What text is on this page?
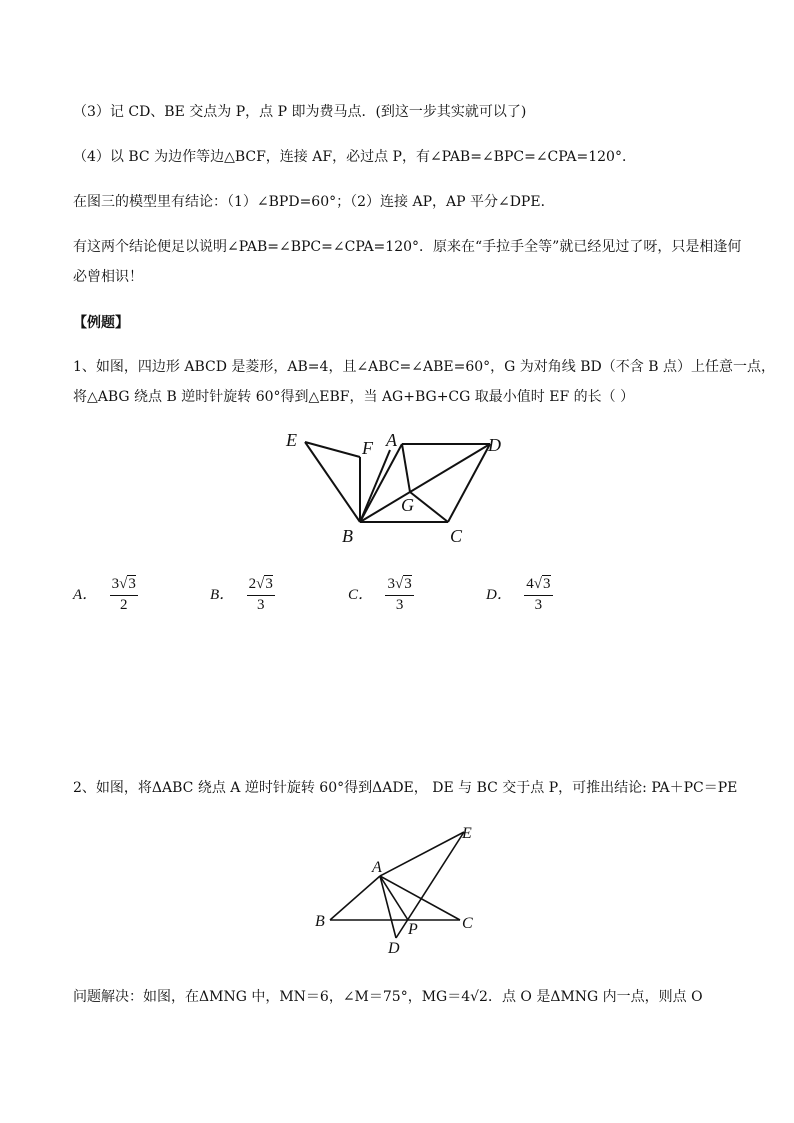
（3）记 CD、BE 交点为 P，点 P 即为费马点．(到这一步其实就可以了)
（4）以 BC 为边作等边△BCF，连接 AF，必过点 P，有∠PAB=∠BPC=∠CPA=120°．
在图三的模型里有结论：（1）∠BPD=60°；（2）连接 AP，AP 平分∠DPE．
有这两个结论便足以说明∠PAB=∠BPC=∠CPA=120°．原来在“手拉手全等”就已经见过了呀，只是相逢何
必曾相识！
【例题】
1、如图，四边形 ABCD 是菱形，AB=4，且∠ABC=∠ABE=60°，G 为对角线 BD（不含 B 点）上任意一点，
将△ABG 绕点 B 逆时针旋转 60°得到△EBF，当 AG+BG+CG 取最小值时 EF 的长（ ）
E	F A	D
G
B	C
A． $\frac{3√3}{2}$	B． $\frac{2√3}{3}$	C． $\frac{3√3}{3}$	D． $\frac{4√3}{3}$
2、如图，将ΔABC 绕点 A 逆时针旋转 60°得到ΔADE， DE 与 BC 交于点 P，可推出结论: PA＋PC＝PE
A
B	C
D
E
P
问题解决：如图，在ΔMNG 中，MN＝6，∠M＝75°，MG＝4√2．点 O 是ΔMNG 内一点，则点 O
